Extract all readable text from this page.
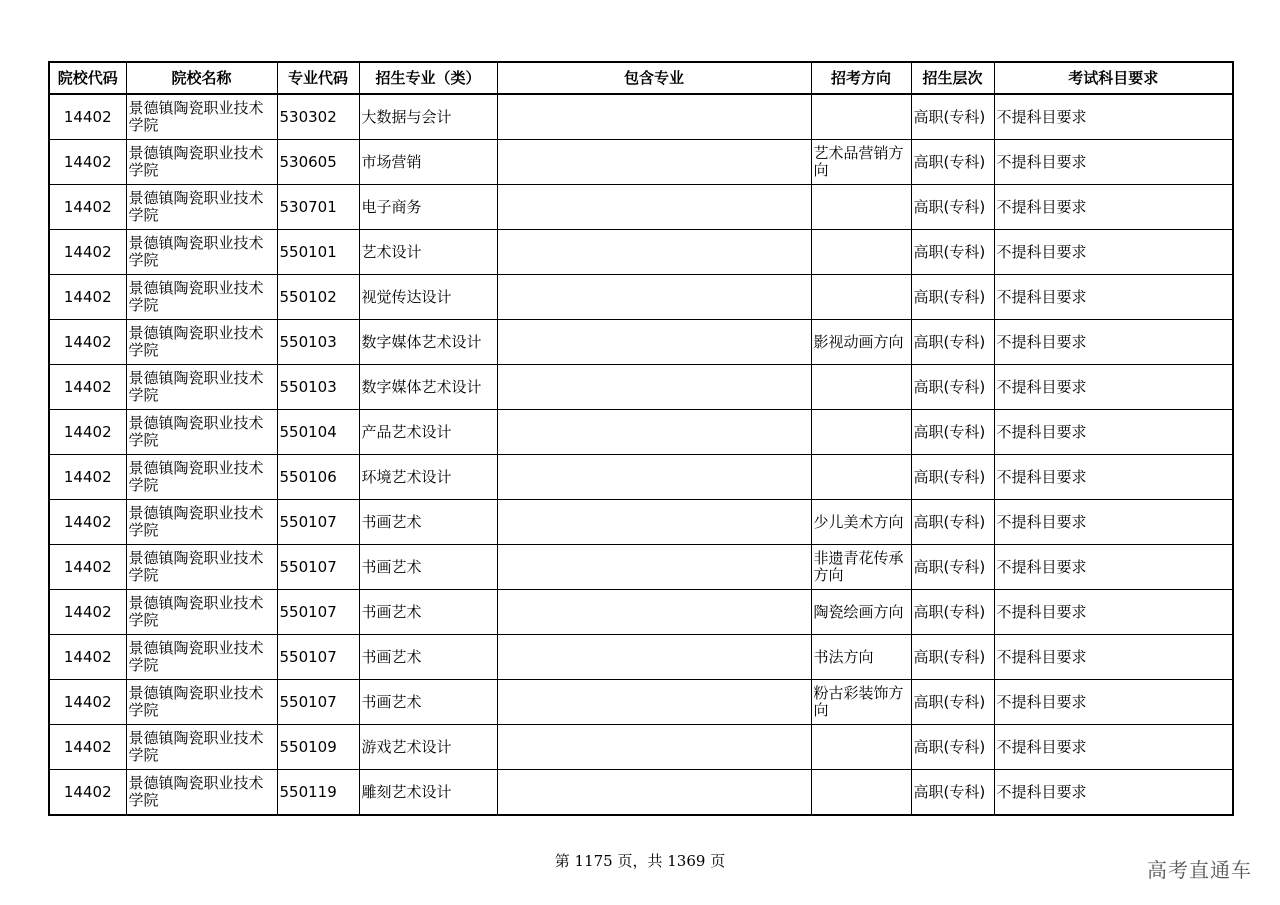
院校代码	院校名称	专业代码	招生专业（类）	包含专业	招考方向	招生层次	考试科目要求
14402	景德镇陶瓷职业技术学院	530302	大数据与会计			高职(专科)	不提科目要求
14402	景德镇陶瓷职业技术学院	530605	市场营销		艺术品营销方向	高职(专科)	不提科目要求
14402	景德镇陶瓷职业技术学院	530701	电子商务			高职(专科)	不提科目要求
14402	景德镇陶瓷职业技术学院	550101	艺术设计			高职(专科)	不提科目要求
14402	景德镇陶瓷职业技术学院	550102	视觉传达设计			高职(专科)	不提科目要求
14402	景德镇陶瓷职业技术学院	550103	数字媒体艺术设计		影视动画方向	高职(专科)	不提科目要求
14402	景德镇陶瓷职业技术学院	550103	数字媒体艺术设计			高职(专科)	不提科目要求
14402	景德镇陶瓷职业技术学院	550104	产品艺术设计			高职(专科)	不提科目要求
14402	景德镇陶瓷职业技术学院	550106	环境艺术设计			高职(专科)	不提科目要求
14402	景德镇陶瓷职业技术学院	550107	书画艺术		少儿美术方向	高职(专科)	不提科目要求
14402	景德镇陶瓷职业技术学院	550107	书画艺术		非遗青花传承方向	高职(专科)	不提科目要求
14402	景德镇陶瓷职业技术学院	550107	书画艺术		陶瓷绘画方向	高职(专科)	不提科目要求
14402	景德镇陶瓷职业技术学院	550107	书画艺术		书法方向	高职(专科)	不提科目要求
14402	景德镇陶瓷职业技术学院	550107	书画艺术		粉古彩装饰方向	高职(专科)	不提科目要求
14402	景德镇陶瓷职业技术学院	550109	游戏艺术设计			高职(专科)	不提科目要求
14402	景德镇陶瓷职业技术学院	550119	雕刻艺术设计			高职(专科)	不提科目要求
第 1175 页，共 1369 页	高考直通车
